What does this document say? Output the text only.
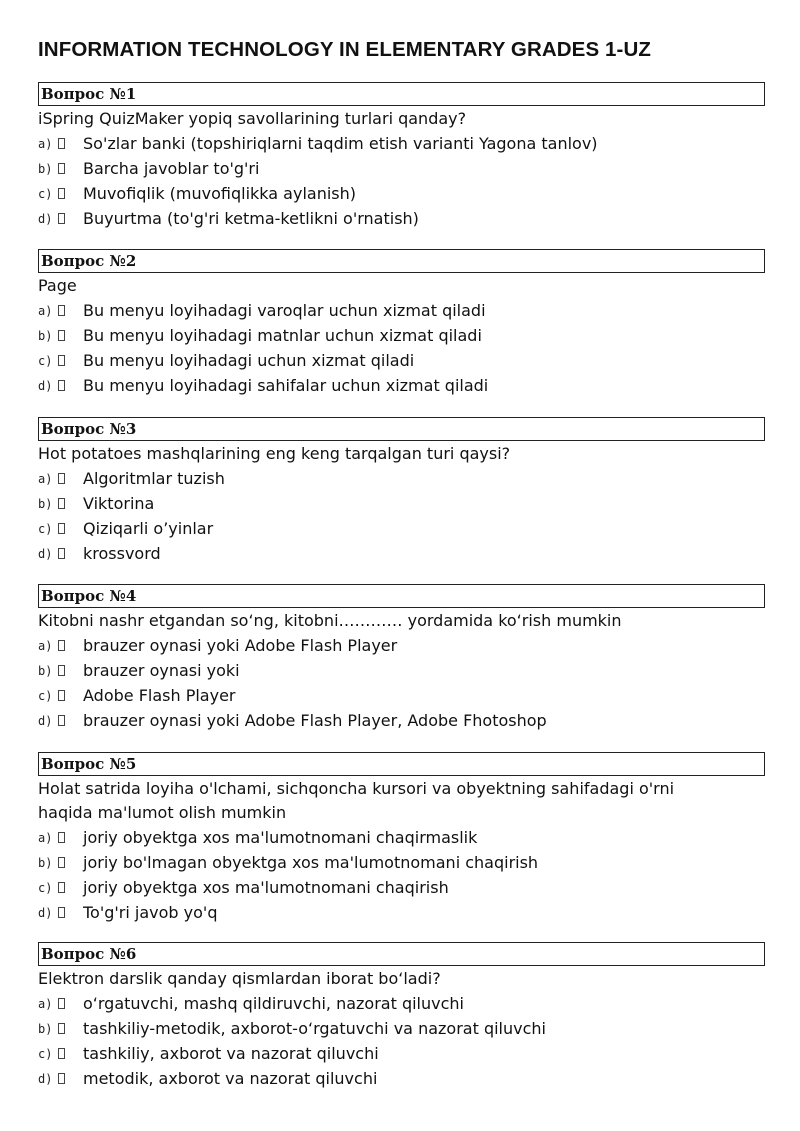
INFORMATION TECHNOLOGY IN ELEMENTARY GRADES 1-UZ
Вопрос №1
iSpring QuizMaker yopiq savollarining turlari qanday?
a) So'zlar banki (topshiriqlarni taqdim etish varianti Yagona tanlov)
b) Barcha javoblar to'g'ri
c) Muvofiqlik (muvofiqlikka aylanish)
d) Buyurtma (to'g'ri ketma-ketlikni o'rnatish)
Вопрос №2
Page
a) Bu menyu loyihadagi varoqlar uchun xizmat qiladi
b) Bu menyu loyihadagi matnlar uchun xizmat qiladi
c) Bu menyu loyihadagi uchun xizmat qiladi
d) Bu menyu loyihadagi sahifalar uchun xizmat qiladi
Вопрос №3
Hot potatoes mashqlarining eng keng tarqalgan turi qaysi?
a) Algoritmlar tuzish
b) Viktorina
c) Qiziqarli o’yinlar
d) krossvord
Вопрос №4
Kitobni nashr etgandan so‘ng, kitobni………… yordamida ko‘rish mumkin
a) brauzer oynasi yoki Adobe Flash Player
b) brauzer oynasi yoki
c) Adobe Flash Player
d) brauzer oynasi yoki Adobe Flash Player, Adobe Fhotoshop
Вопрос №5
Holat satrida loyiha o'lchami, sichqoncha kursori va obyektning sahifadagi o'rni haqida ma'lumot olish mumkin
a) joriy obyektga xos ma'lumotnomani chaqirmaslik
b) joriy bo'lmagan obyektga xos ma'lumotnomani chaqirish
c) joriy obyektga xos ma'lumotnomani chaqirish
d) To'g'ri javob yo'q
Вопрос №6
Elektron darslik qanday qismlardan iborat bo‘ladi?
a) o‘rgatuvchi, mashq qildiruvchi, nazorat qiluvchi
b) tashkiliy-metodik, axborot-o‘rgatuvchi va nazorat qiluvchi
c) tashkiliy, axborot va nazorat qiluvchi
d) metodik, axborot va nazorat qiluvchi
